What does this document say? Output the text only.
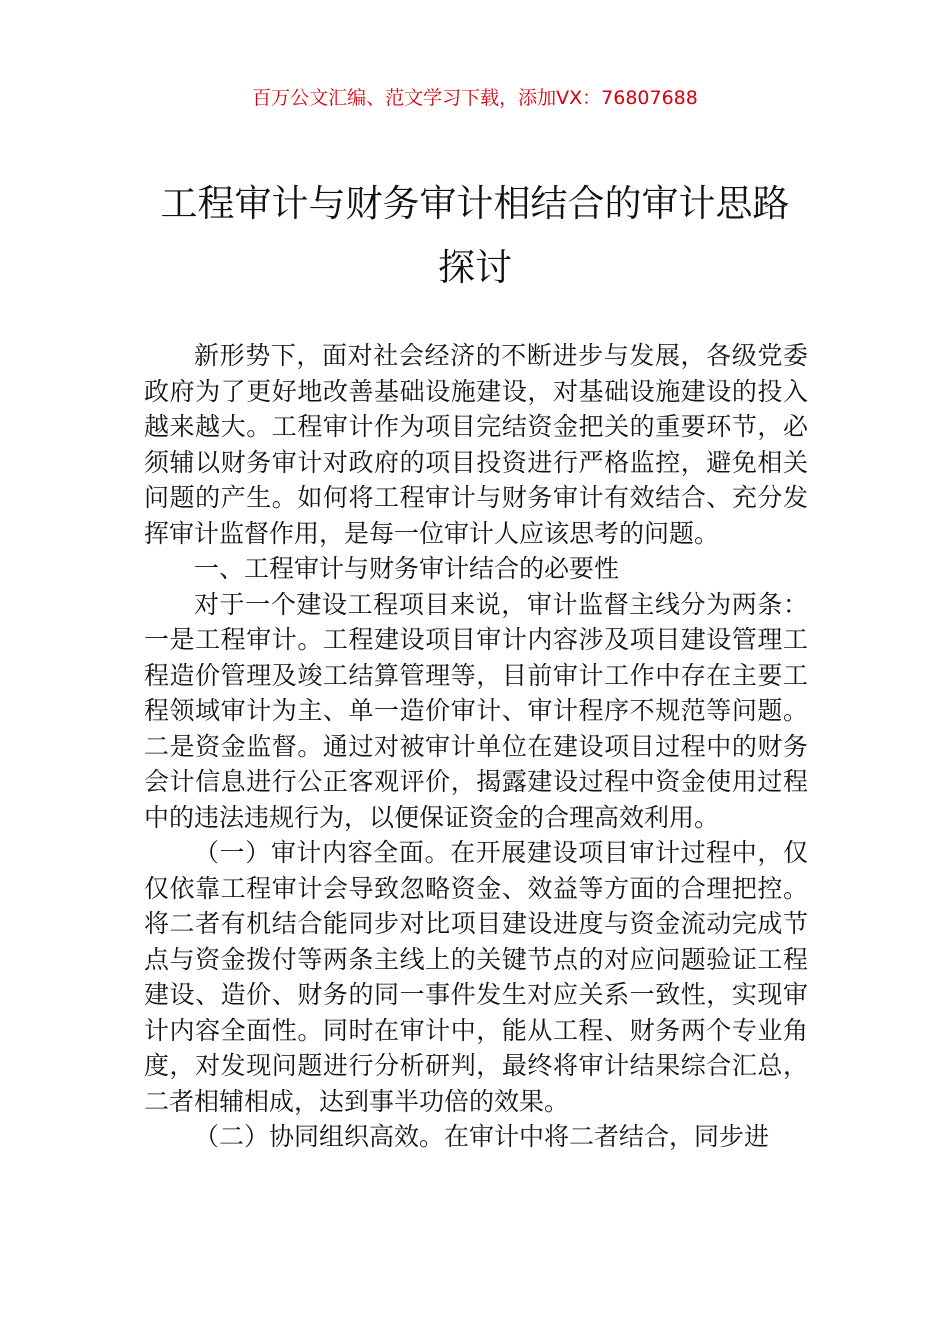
百万公文汇编、范文学习下载，添加VX：76807688
工程审计与财务审计相结合的审计思路探讨

新形势下，面对社会经济的不断进步与发展，各级党委政府为了更好地改善基础设施建设，对基础设施建设的投入越来越大。工程审计作为项目完结资金把关的重要环节，必须辅以财务审计对政府的项目投资进行严格监控，避免相关问题的产生。如何将工程审计与财务审计有效结合、充分发挥审计监督作用，是每一位审计人应该思考的问题。

一、工程审计与财务审计结合的必要性

对于一个建设工程项目来说，审计监督主线分为两条：一是工程审计。工程建设项目审计内容涉及项目建设管理工程造价管理及竣工结算管理等，目前审计工作中存在主要工程领域审计为主、单一造价审计、审计程序不规范等问题。二是资金监督。通过对被审计单位在建设项目过程中的财务会计信息进行公正客观评价，揭露建设过程中资金使用过程中的违法违规行为，以便保证资金的合理高效利用。

（一）审计内容全面。在开展建设项目审计过程中，仅仅依靠工程审计会导致忽略资金、效益等方面的合理把控。将二者有机结合能同步对比项目建设进度与资金流动完成节点与资金拨付等两条主线上的关键节点的对应问题验证工程建设、造价、财务的同一事件发生对应关系一致性，实现审计内容全面性。同时在审计中，能从工程、财务两个专业角度，对发现问题进行分析研判，最终将审计结果综合汇总，二者相辅相成，达到事半功倍的效果。

（二）协同组织高效。在审计中将二者结合，同步进
